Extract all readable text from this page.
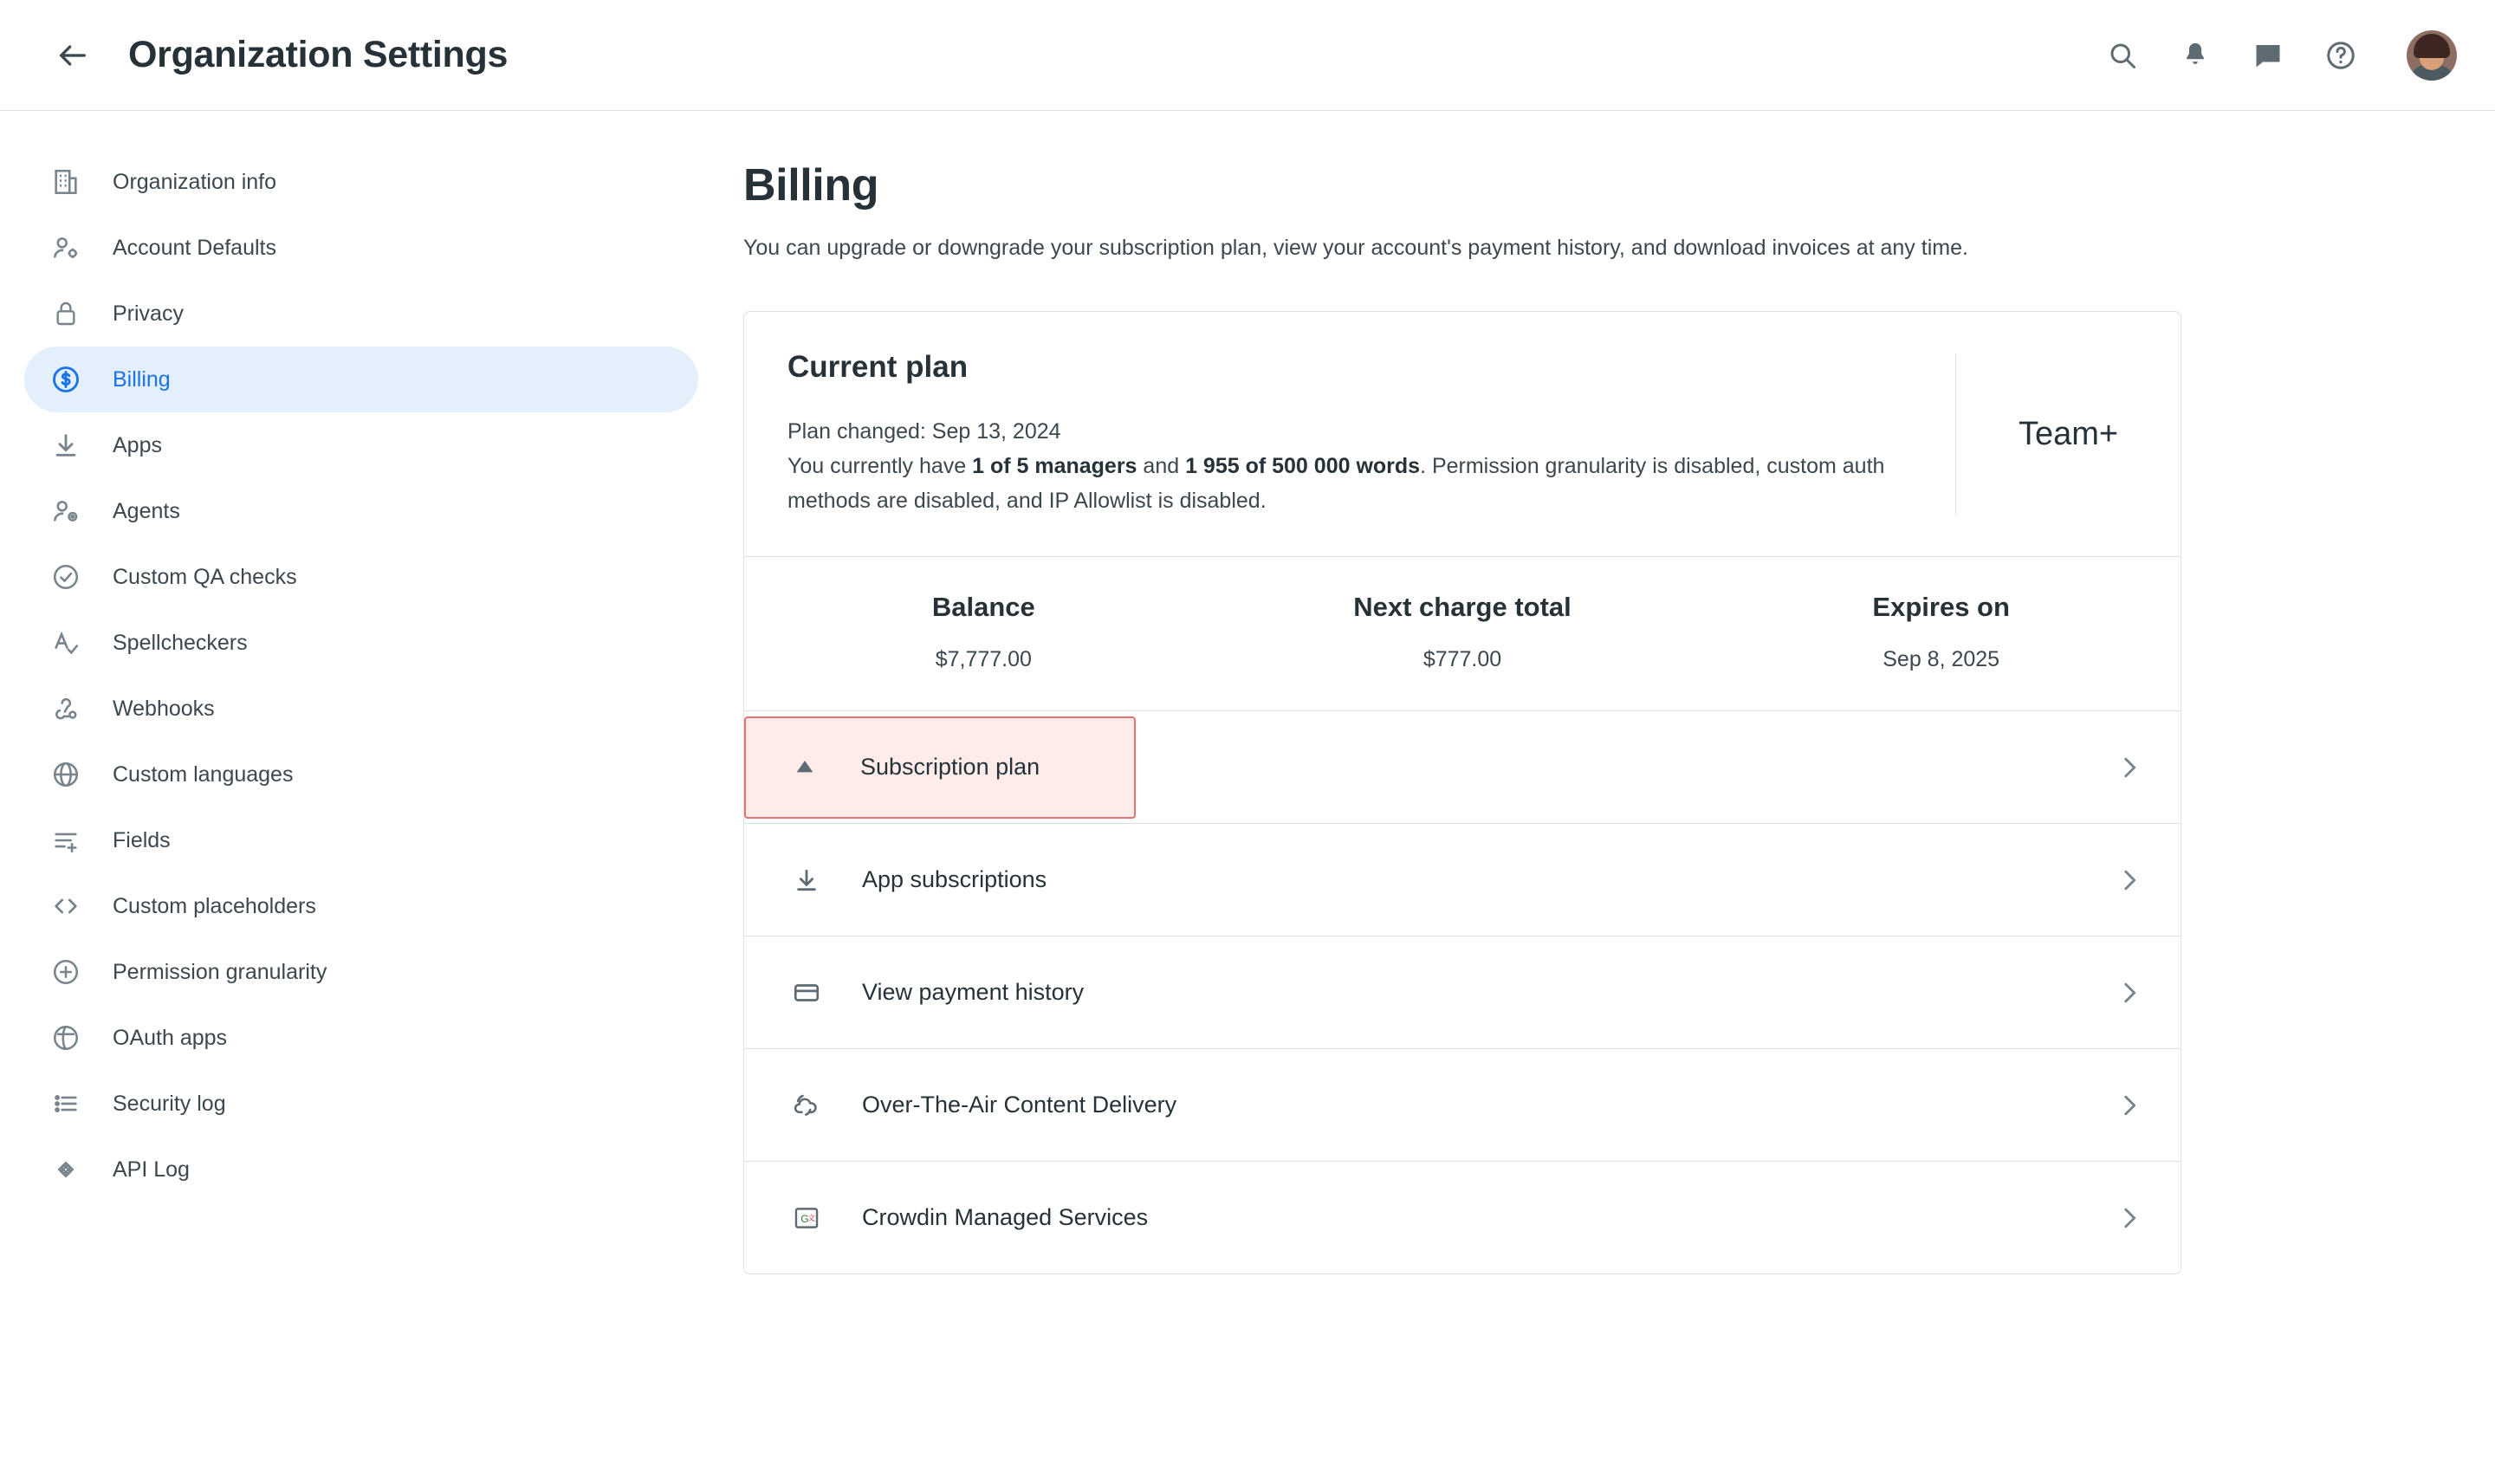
Organization Settings
Organization info
Account Defaults
Privacy
Billing
Apps
Agents
Custom QA checks
Spellcheckers
Webhooks
Custom languages
Fields
Custom placeholders
Permission granularity
OAuth apps
Security log
API Log
Billing
You can upgrade or downgrade your subscription plan, view your account's payment history, and download invoices at any time.
Current plan
Plan changed: Sep 13, 2024
You currently have 1 of 5 managers and 1 955 of 500 000 words. Permission granularity is disabled, custom auth methods are disabled, and IP Allowlist is disabled.
Team+
Balance
$7,777.00
Next charge total
$777.00
Expires on
Sep 8, 2025
Subscription plan
App subscriptions
View payment history
Over-The-Air Content Delivery
G
文 Crowdin Managed Services
